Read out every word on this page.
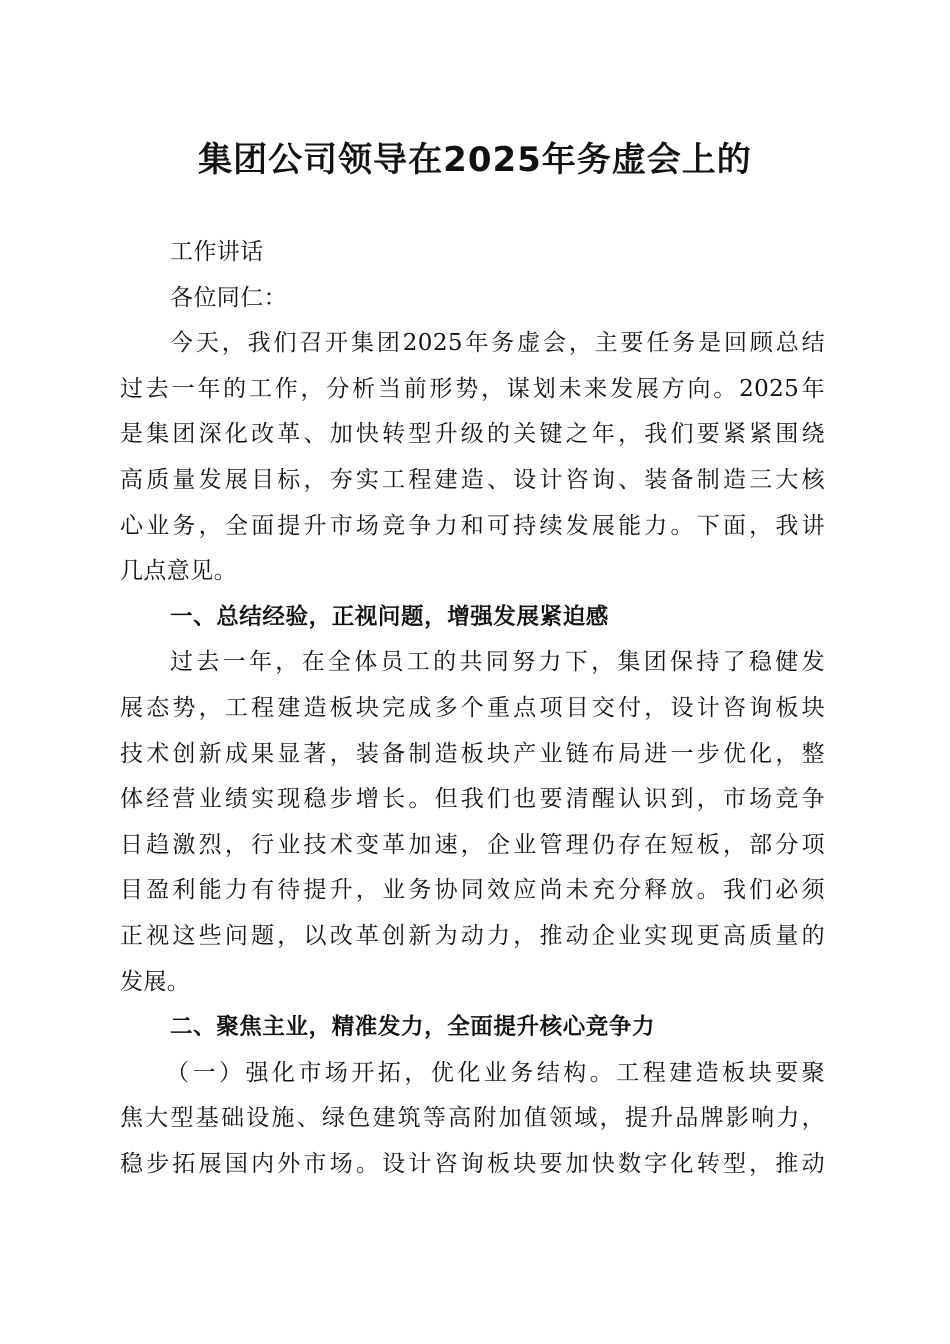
集团公司领导在2025年务虚会上的
工作讲话
各位同仁：
今天，我们召开集团2025年务虚会，主要任务是回顾总结
过去一年的工作，分析当前形势，谋划未来发展方向。2025年
是集团深化改革、加快转型升级的关键之年，我们要紧紧围绕
高质量发展目标，夯实工程建造、设计咨询、装备制造三大核
心业务，全面提升市场竞争力和可持续发展能力。下面，我讲
几点意见。
一、总结经验，正视问题，增强发展紧迫感
过去一年，在全体员工的共同努力下，集团保持了稳健发
展态势，工程建造板块完成多个重点项目交付，设计咨询板块
技术创新成果显著，装备制造板块产业链布局进一步优化，整
体经营业绩实现稳步增长。但我们也要清醒认识到，市场竞争
日趋激烈，行业技术变革加速，企业管理仍存在短板，部分项
目盈利能力有待提升，业务协同效应尚未充分释放。我们必须
正视这些问题，以改革创新为动力，推动企业实现更高质量的
发展。
二、聚焦主业，精准发力，全面提升核心竞争力
（一）强化市场开拓，优化业务结构。工程建造板块要聚
焦大型基础设施、绿色建筑等高附加值领域，提升品牌影响力，
稳步拓展国内外市场。设计咨询板块要加快数字化转型，推动
